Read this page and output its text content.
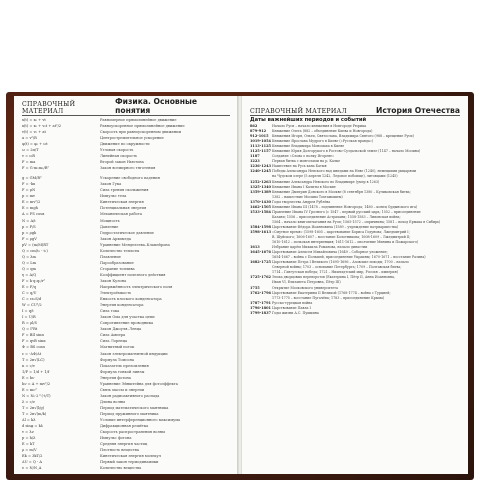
СПРАВОЧНЫЙ МАТЕРИАЛ
Физика. Основные понятия
x(t) = x₀ + vt	Равномерное прямолинейное движение
x(t) = x₀ + v₀t + at²/2	Равноускоренное прямолинейное движение
v(t) = v₀ + at	Скорость при равноускоренном движении
a = v²/R	Центростремительное ускорение
φ(t) = φ₀ + ωt	Движение по окружности
ω = 2π/T	Угловая скорость
v = ωR	Линейная скорость
F = ma	Второй закон Ньютона
F = G·m₁m₂/R²	Закон всемирного тяготения
g = GM/R²	Ускорение свободного падения
F = -kx	Закон Гука
F = μN	Сила трения скольжения
p = mv	Импульс тела
E = mv²/2	Кинетическая энергия
E = mgh	Потенциальная энергия
A = FS cosα	Механическая работа
N = A/t	Мощность
p = F/S	Давление
p = ρgh	Гидростатическое давление
F = ρgV	Закон Архимеда
pV = (m/M)RT	Уравнение Менделеева–Клапейрона
Q = cm(t₂ - t₁)	Количество теплоты
Q = λm	Плавление
Q = Lm	Парообразование
Q = qm	Сгорание топлива
η = A/Q	Коэффициент полезного действия
F = k·q₁q₂/r²	Закон Кулона
E = F/q	Напряжённость электрического поля
C = q/U	Электроёмкость
C = εε₀S/d	Ёмкость плоского конденсатора
W = CU²/2	Энергия конденсатора
I = q/t	Сила тока
I = U/R	Закон Ома для участка цепи
R = ρl/S	Сопротивление проводника
Q = I²Rt	Закон Джоуля–Ленца
F = BIl sinα	Сила Ампера
F = qvB sinα	Сила Лоренца
Φ = BS cosα	Магнитный поток
ε = -ΔΦ/Δt	Закон электромагнитной индукции
T = 2π√(LC)	Формула Томсона
n = c/v	Показатель преломления
1/F = 1/d + 1/f	Формула тонкой линзы
E = hν	Энергия фотона
hν = A + mv²/2	Уравнение Эйнштейна для фотоэффекта
E = mc²	Связь массы и энергии
N = N₀·2^(-t/T)	Закон радиоактивного распада
λ = c/ν	Длина волны
T = 2π√(l/g)	Период математического маятника
T = 2π√(m/k)	Период пружинного маятника
Δl = kλ	Условие интерференционного максимума
d sinφ = kλ	Дифракционная решётка
v = λν	Скорость распространения волны
p = h/λ	Импульс фотона
E = kT	Средняя энергия частиц
ρ = m/V	Плотность вещества
Ek = 3kT/2	Кинетическая энергия молекул
ΔU = Q - A	Первый закон термодинамики
ν = N/N_A	Количество вещества
СПРАВОЧНЫЙ МАТЕРИАЛ	История Отечества
Даты важнейших периодов и событий
862	Начало Руси – начало княжения в Новгороде Рюрика
879-912	Княжение Олега (882 – объединение Киева и Новгорода)
912-1015	Княжения Игоря, Ольги, Святослава, Владимира Святого (988 – крещение Руси)
1019-1054 Княжение Ярослава Мудрого в Киеве («Русская правда»)
1113-1125 Княжение Владимира Мономаха в Киеве
1125-1157 Княжение Юрия Долгорукого в Ростово-Суздальской земле (1147 – начало Москвы)
1187	Создание «Слова о полку Игореве»
1223	Первая битва с монголами на р. Калке
1236-1243 Нашествие на Русь хана Батыя
1240-1245 Победы Александра Невского над шведами на Неве (1240), немецкими рыцарями
на Чудском озере (5 апреля 1242, Ледовое побоище), литовцами (1245)
1252-1263 Княжение Александра Невского во Владимире (умер в 1263)
1325-1340 Княжение Ивана I Калиты в Москве
1359-1389 Княжение Дмитрия Донского в Москве (8 сентября 1380 – Куликовская битва;
1382 – нашествие Москвы Тохтамышем)
1370-1430 Годы творчества Андрея Рублёва
1462-1505 Княжение Ивана III (1478 – подчинение Новгорода; 1480 – конец Ордынского ига)
1533-1584 Правление Ивана IV Грозного (с 1547 – первый русский царь; 1552 – присоединение
Казани; 1556 – присоединение Астрахани; 1558-1583 – Ливонская война;
1564 – начало книгопечатания на Руси; 1565-1572 – опричнина; 1581 – поход Ермака в Сибирь)
1584-1598 Царствование Фёдора Иоанновича (1589 – учреждение патриаршества)
1598-1613 «Смутное время» (1598-1605 – царствование Бориса Годунова; Лжедмитрий I;
В. Шуйского; 1606-1607 – восстание Болотникова; 1608-1609 – Лжедмитрий II;
1610-1612 – польская интервенция; 1611-1612 – ополчение Минина и Пожарского)
1613	Избрание царём Михаила Романова, начало династии
1645-1676 Царствование Алексея Михайловича (1649 – Соборное уложение;
1654-1667 – война с Польшей, присоединение Украины; 1670-1671 – восстание Разина)
1682-1725 Царствование Петра I Великого (1695-1696 – Азовские походы; 1700 – начало
Северной войны; 1703 – основание Петербурга; 1709 – Полтавская битва;
1714 – Гангутская победа; 1721 – Ништадтский мир, Россия – империя)
1725-1762 Эпоха дворцовых переворотов (Екатерина I, Пётр II, Анна Иоанновна,
Иван VI, Елизавета Петровна, Пётр III)
1755	Открытие Московского университета
1762-1796 Царствование Екатерины II Великой (1768-1774 – война с Турцией;
1773-1775 – восстание Пугачёва; 1783 – присоединение Крыма)
1787-1791 Русско-турецкая война
1796-1801 Царствование Павла I
1799-1837 Годы жизни А.С. Пушкина
